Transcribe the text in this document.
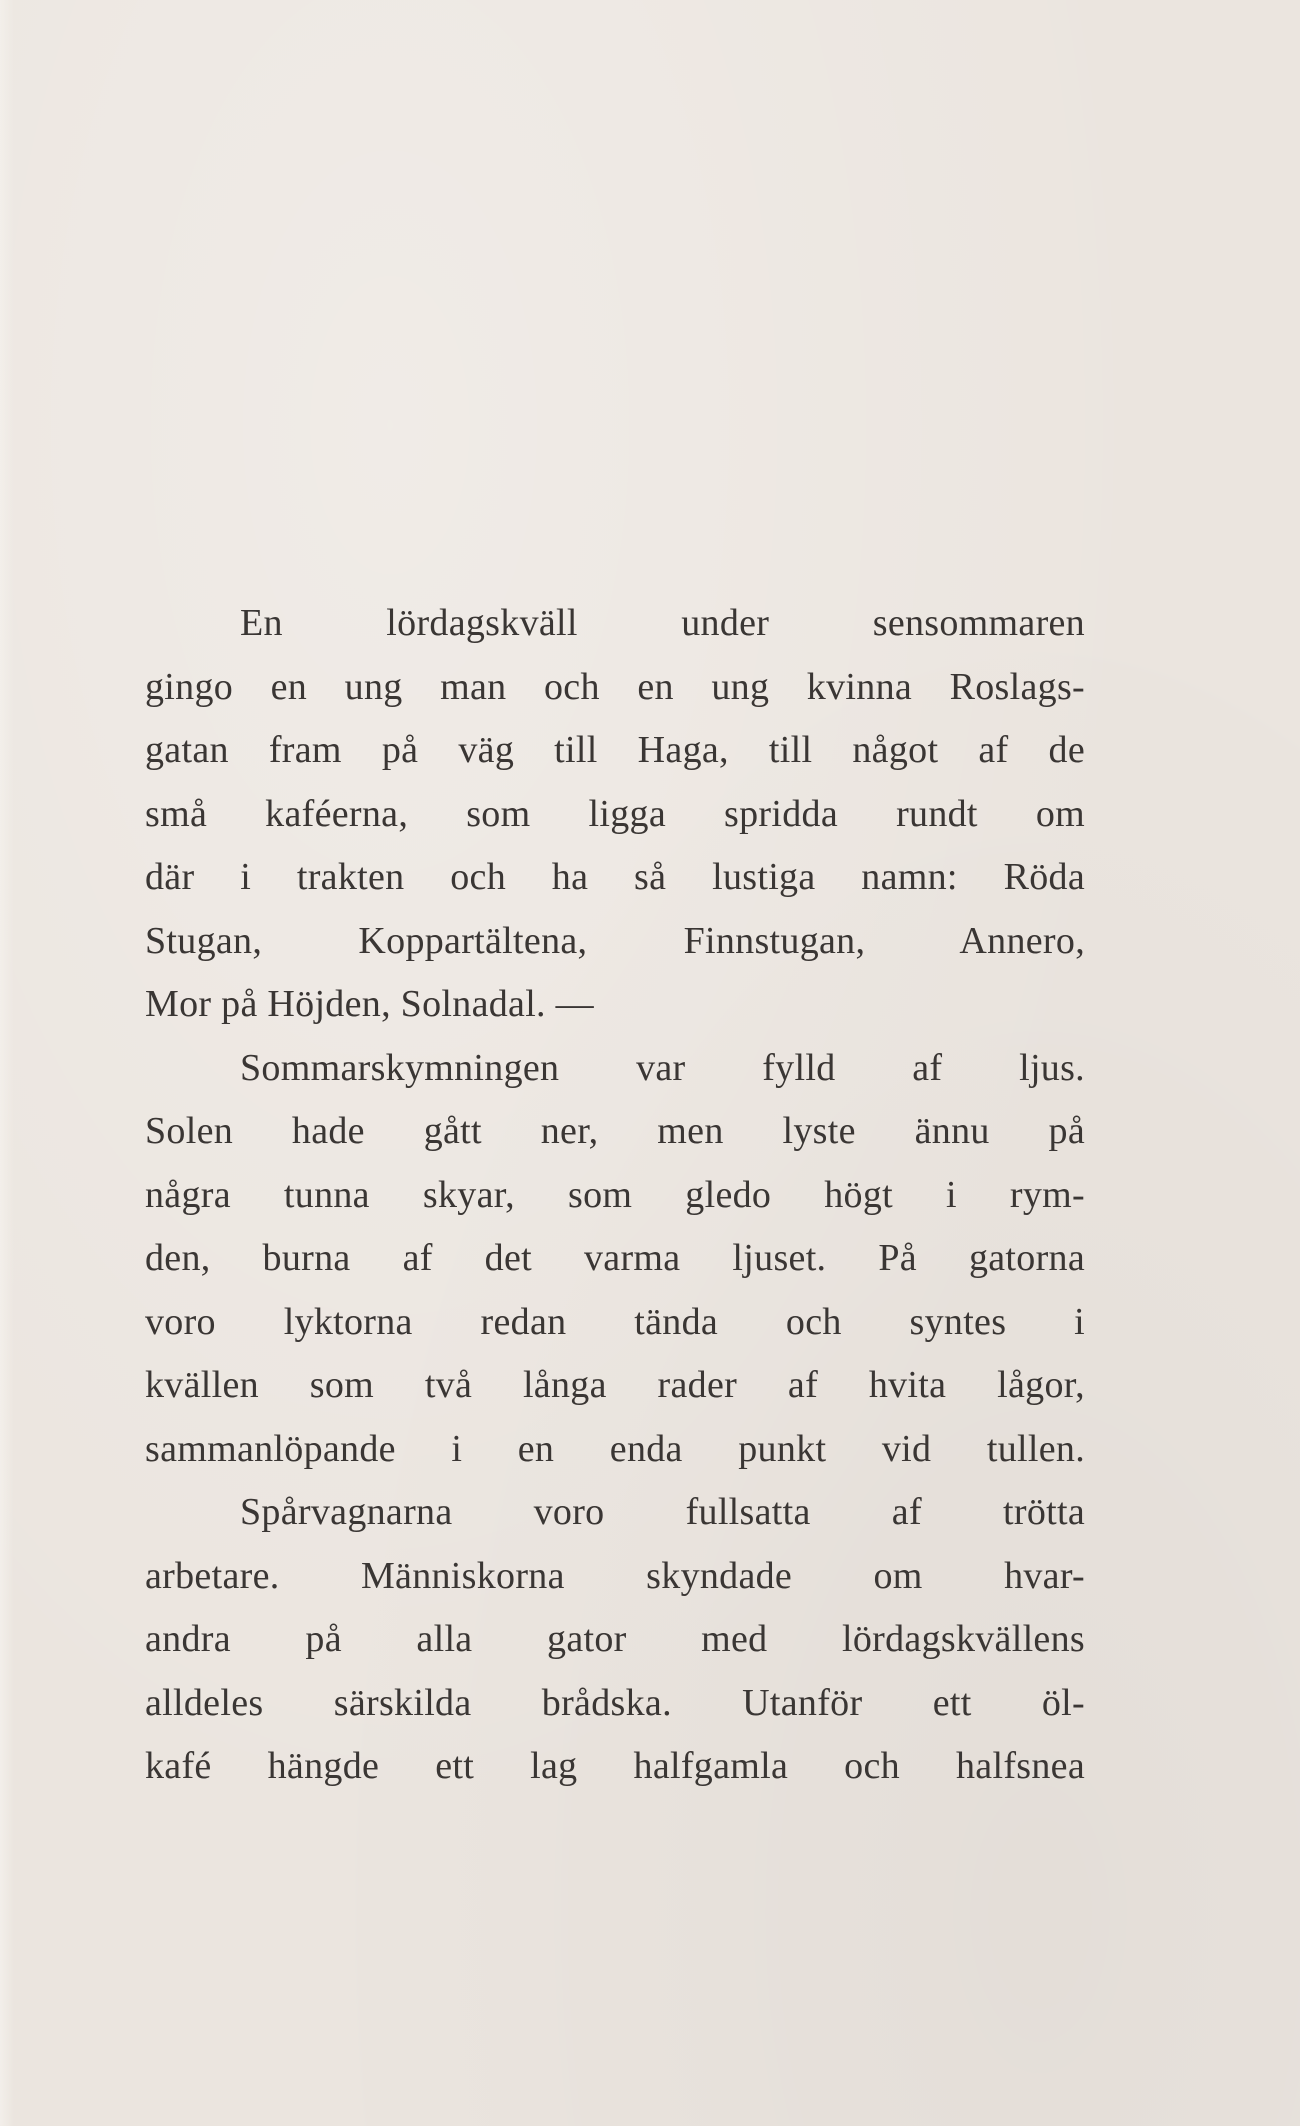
En lördagskväll under sensommaren
gingo en ung man och en ung kvinna Roslags-
gatan fram på väg till Haga, till något af de
små kaféerna, som ligga spridda rundt om
där i trakten och ha så lustiga namn: Röda
Stugan, Koppartältena, Finnstugan, Annero,
Mor på Höjden, Solnadal. —
Sommarskymningen var fylld af ljus.
Solen hade gått ner, men lyste ännu på
några tunna skyar, som gledo högt i rym-
den, burna af det varma ljuset. På gatorna
voro lyktorna redan tända och syntes i
kvällen som två långa rader af hvita lågor,
sammanlöpande i en enda punkt vid tullen.
Spårvagnarna voro fullsatta af trötta
arbetare. Människorna skyndade om hvar-
andra på alla gator med lördagskvällens
alldeles särskilda brådska. Utanför ett öl-
kafé hängde ett lag halfgamla och halfsnea
